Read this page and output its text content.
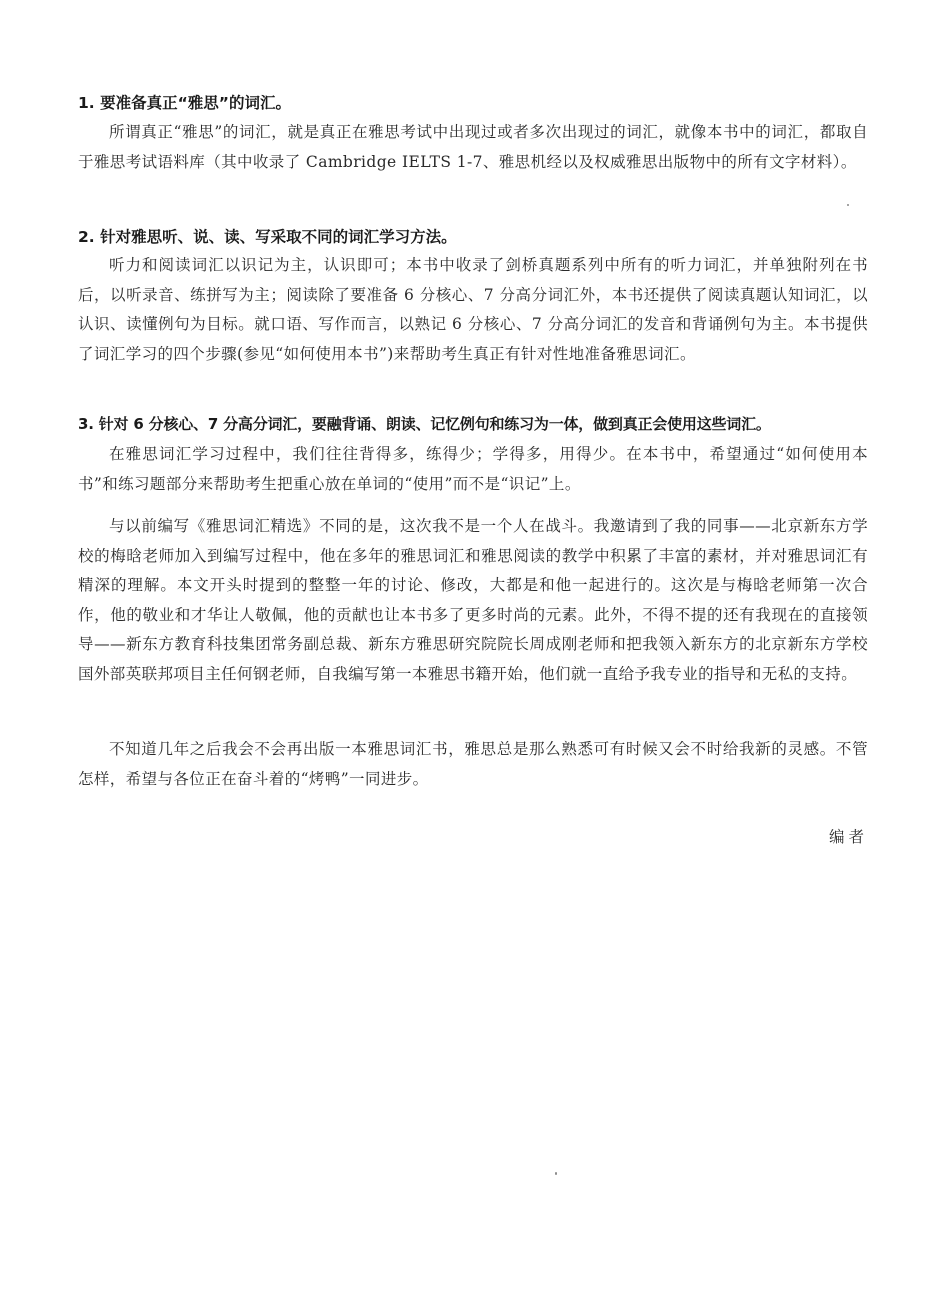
1. 要准备真正“雅思”的词汇。

所谓真正“雅思”的词汇，就是真正在雅思考试中出现过或者多次出现过的词汇，就像本书中的词汇，都取自于雅思考试语料库（其中收录了 Cambridge IELTS 1-7、雅思机经以及权威雅思出版物中的所有文字材料）。

2. 针对雅思听、说、读、写采取不同的词汇学习方法。

听力和阅读词汇以识记为主，认识即可；本书中收录了剑桥真题系列中所有的听力词汇，并单独附列在书后，以听录音、练拼写为主；阅读除了要准备 6 分核心、7 分高分词汇外，本书还提供了阅读真题认知词汇，以认识、读懂例句为目标。就口语、写作而言，以熟记 6 分核心、7 分高分词汇的发音和背诵例句为主。本书提供了词汇学习的四个步骤(参见“如何使用本书”)来帮助考生真正有针对性地准备雅思词汇。

3. 针对 6 分核心、7 分高分词汇，要融背诵、朗读、记忆例句和练习为一体，做到真正会使用这些词汇。

在雅思词汇学习过程中，我们往往背得多，练得少；学得多，用得少。在本书中，希望通过“如何使用本书”和练习题部分来帮助考生把重心放在单词的“使用”而不是“识记”上。

与以前编写《雅思词汇精选》不同的是，这次我不是一个人在战斗。我邀请到了我的同事——北京新东方学校的梅晗老师加入到编写过程中，他在多年的雅思词汇和雅思阅读的教学中积累了丰富的素材，并对雅思词汇有精深的理解。本文开头时提到的整整一年的讨论、修改，大都是和他一起进行的。这次是与梅晗老师第一次合作，他的敬业和才华让人敬佩，他的贡献也让本书多了更多时尚的元素。此外，不得不提的还有我现在的直接领导——新东方教育科技集团常务副总裁、新东方雅思研究院院长周成刚老师和把我领入新东方的北京新东方学校国外部英联邦项目主任何钢老师，自我编写第一本雅思书籍开始，他们就一直给予我专业的指导和无私的支持。

不知道几年之后我会不会再出版一本雅思词汇书，雅思总是那么熟悉可有时候又会不时给我新的灵感。不管怎样，希望与各位正在奋斗着的“烤鸭”一同进步。

编者
